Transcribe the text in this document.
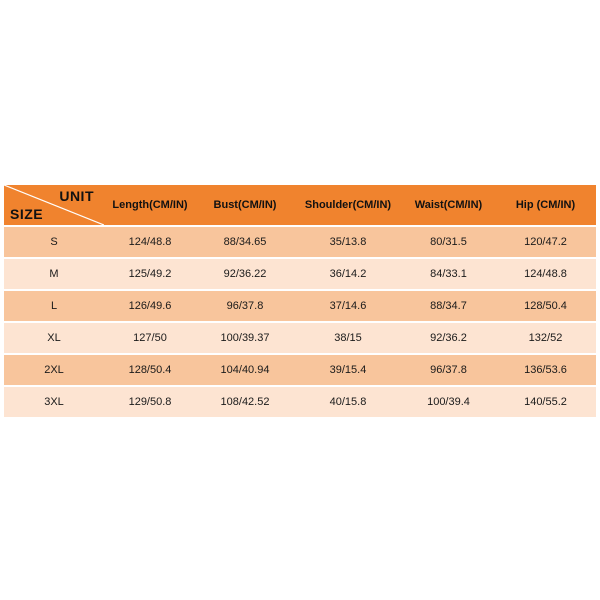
UNIT
SIZE	Length(CM/IN)	Bust(CM/IN)	Shoulder(CM/IN)	Waist(CM/IN)	Hip (CM/IN)
S	124/48.8	88/34.65	35/13.8	80/31.5	120/47.2
M	125/49.2	92/36.22	36/14.2	84/33.1	124/48.8
L	126/49.6	96/37.8	37/14.6	88/34.7	128/50.4
XL	127/50	100/39.37	38/15	92/36.2	132/52
2XL	128/50.4	104/40.94	39/15.4	96/37.8	136/53.6
3XL	129/50.8	108/42.52	40/15.8	100/39.4	140/55.2
